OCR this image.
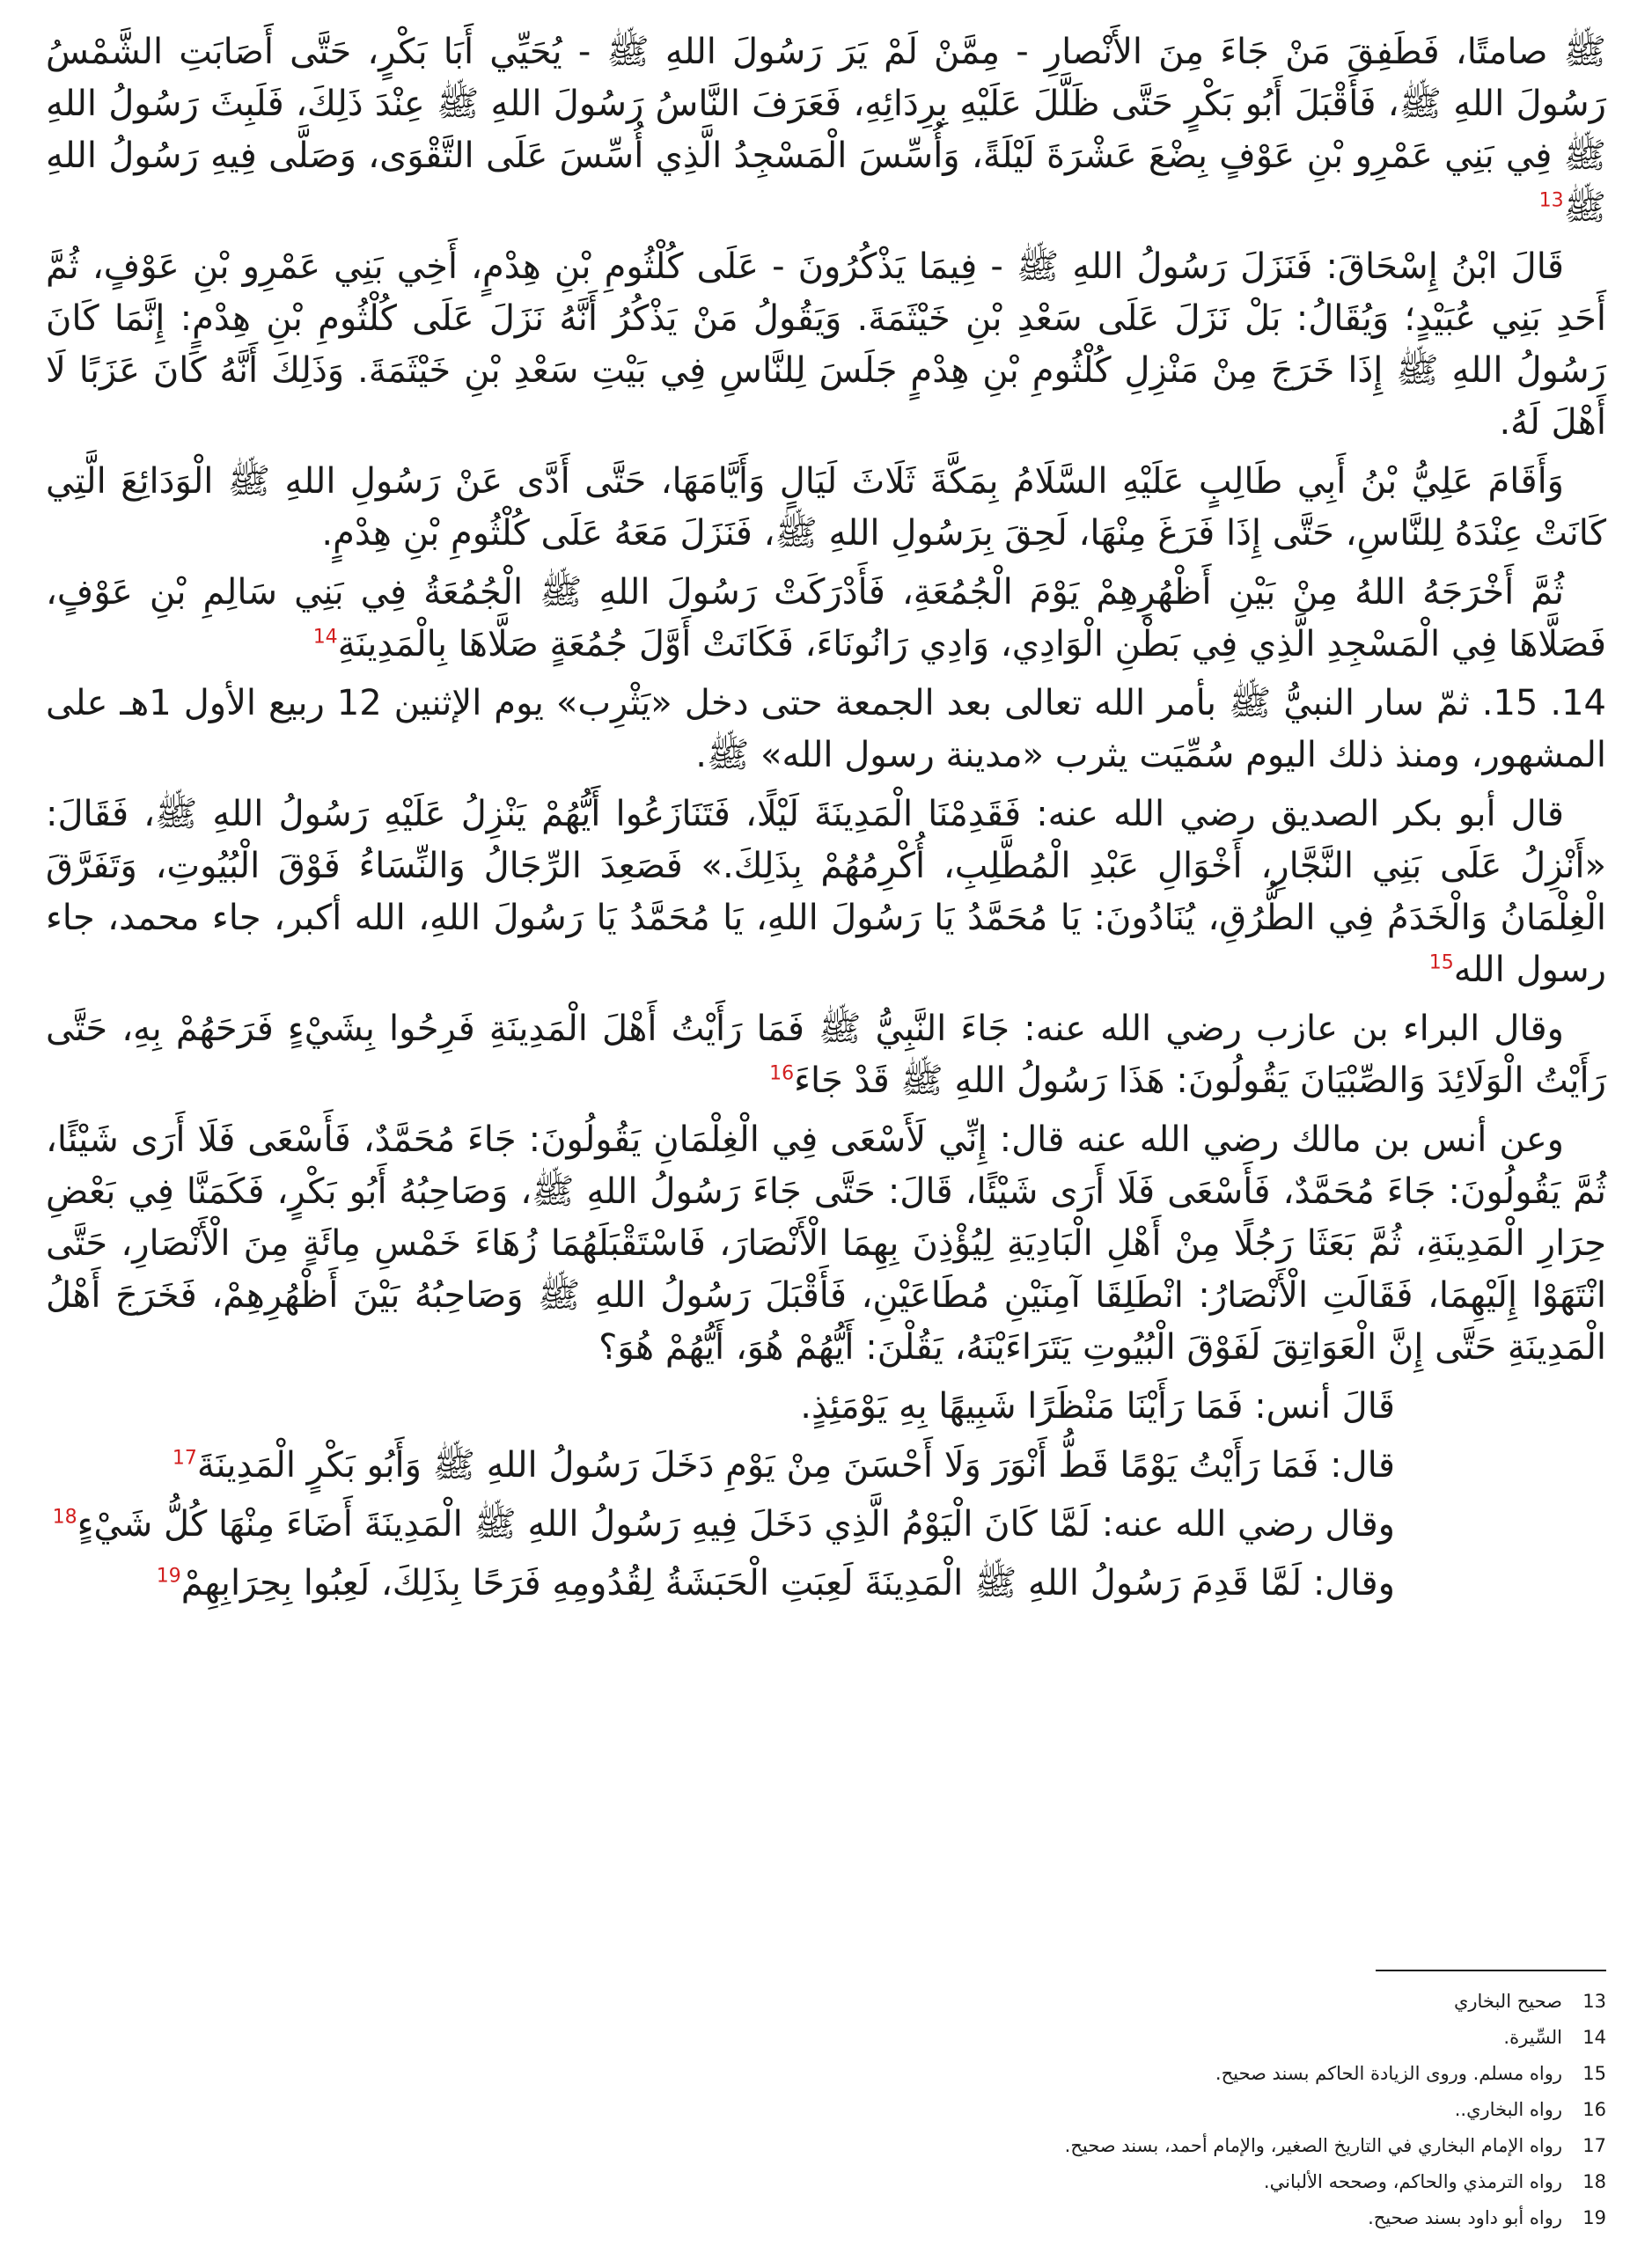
ﷺ صامتًا، فَطَفِقَ مَنْ جَاءَ مِنَ الأَنْصارِ - مِمَّنْ لَمْ يَرَ رَسُولَ اللهِ ﷺ - يُحَيِّي أَبَا بَكْرٍ، حَتَّى أَصَابَتِ الشَّمْسُ رَسُولَ اللهِ ﷺ، فَأَقْبَلَ أَبُو بَكْرٍ حَتَّى ظَلَّلَ عَلَيْهِ بِرِدَائِهِ، فَعَرَفَ النَّاسُ رَسُولَ اللهِ ﷺ عِنْدَ ذَلِكَ، فَلَبِثَ رَسُولُ اللهِ ﷺ فِي بَنِي عَمْرِو بْنِ عَوْفٍ بِضْعَ عَشْرَةَ لَيْلَةً، وَأُسِّسَ الْمَسْجِدُ الَّذِي أُسِّسَ عَلَى التَّقْوَى، وَصَلَّى فِيهِ رَسُولُ اللهِ ﷺ$^{13}$

قَالَ ابْنُ إِسْحَاقَ: فَنَزَلَ رَسُولُ اللهِ ﷺ - فِيمَا يَذْكُرُونَ - عَلَى كُلْثُومِ بْنِ هِدْمٍ، أَخِي بَنِي عَمْرِو بْنِ عَوْفٍ، ثُمَّ أَحَدِ بَنِي عُبَيْدٍ؛ وَيُقَالُ: بَلْ نَزَلَ عَلَى سَعْدِ بْنِ خَيْثَمَةَ. وَيَقُولُ مَنْ يَذْكُرُ أَنَّهُ نَزَلَ عَلَى كُلْثُومِ بْنِ هِدْمٍ: إِنَّمَا كَانَ رَسُولُ اللهِ ﷺ إِذَا خَرَجَ مِنْ مَنْزِلِ كُلْثُومِ بْنِ هِدْمٍ جَلَسَ لِلنَّاسِ فِي بَيْتِ سَعْدِ بْنِ خَيْثَمَةَ. وَذَلِكَ أَنَّهُ كَانَ عَزَبًا لَا أَهْلَ لَهُ.

وَأَقَامَ عَلِيُّ بْنُ أَبِي طَالِبٍ عَلَيْهِ السَّلَامُ بِمَكَّةَ ثَلَاثَ لَيَالٍ وَأَيَّامَهَا، حَتَّى أَدَّى عَنْ رَسُولِ اللهِ ﷺ الْوَدَائِعَ الَّتِي كَانَتْ عِنْدَهُ لِلنَّاسِ، حَتَّى إِذَا فَرَغَ مِنْهَا، لَحِقَ بِرَسُولِ اللهِ ﷺ، فَنَزَلَ مَعَهُ عَلَى كُلْثُومِ بْنِ هِدْمٍ.

ثُمَّ أَخْرَجَهُ اللهُ مِنْ بَيْنِ أَظْهُرِهِمْ يَوْمَ الْجُمُعَةِ، فَأَدْرَكَتْ رَسُولَ اللهِ ﷺ الْجُمُعَةُ فِي بَنِي سَالِمِ بْنِ عَوْفٍ، فَصَلَّاهَا فِي الْمَسْجِدِ الَّذِي فِي بَطْنِ الْوَادِي، وَادِي رَانُونَاءَ، فَكَانَتْ أَوَّلَ جُمُعَةٍ صَلَّاهَا بِالْمَدِينَةِ$^{14}$

14. 15. ثمّ سار النبيُّ ﷺ بأمر الله تعالى بعد الجمعة حتى دخل «يَثْرِب» يوم الإثنين 12 ربيع الأول 1هـ على المشهور، ومنذ ذلك اليوم سُمِّيَت يثرب «مدينة رسول الله» ﷺ.

قال أبو بكر الصديق رضي الله عنه: فَقَدِمْنَا الْمَدِينَةَ لَيْلًا، فَتَنَازَعُوا أَيُّهُمْ يَنْزِلُ عَلَيْهِ رَسُولُ اللهِ ﷺ، فَقَالَ: «أَنْزِلُ عَلَى بَنِي النَّجَّارِ، أَخْوَالِ عَبْدِ الْمُطَّلِبِ، أُكْرِمُهُمْ بِذَلِكَ.» فَصَعِدَ الرِّجَالُ وَالنِّسَاءُ فَوْقَ الْبُيُوتِ، وَتَفَرَّقَ الْغِلْمَانُ وَالْخَدَمُ فِي الطُّرُقِ، يُنَادُونَ: يَا مُحَمَّدُ يَا رَسُولَ اللهِ، يَا مُحَمَّدُ يَا رَسُولَ اللهِ، الله أكبر، جاء محمد، جاء رسول الله$^{15}$

وقال البراء بن عازب رضي الله عنه: جَاءَ النَّبِيُّ ﷺ فَمَا رَأَيْتُ أَهْلَ الْمَدِينَةِ فَرِحُوا بِشَيْءٍ فَرَحَهُمْ بِهِ، حَتَّى رَأَيْتُ الْوَلَائِدَ وَالصِّبْيَانَ يَقُولُونَ: هَذَا رَسُولُ اللهِ ﷺ قَدْ جَاءَ$^{16}$

وعن أنس بن مالك رضي الله عنه قال: إِنِّي لَأَسْعَى فِي الْغِلْمَانِ يَقُولُونَ: جَاءَ مُحَمَّدٌ، فَأَسْعَى فَلَا أَرَى شَيْئًا، ثُمَّ يَقُولُونَ: جَاءَ مُحَمَّدٌ، فَأَسْعَى فَلَا أَرَى شَيْئًا، قَالَ: حَتَّى جَاءَ رَسُولُ اللهِ ﷺ، وَصَاحِبُهُ أَبُو بَكْرٍ، فَكَمَنَّا فِي بَعْضِ حِرَارِ الْمَدِينَةِ، ثُمَّ بَعَثَا رَجُلًا مِنْ أَهْلِ الْبَادِيَةِ لِيُؤْذِنَ بِهِمَا الْأَنْصَارَ، فَاسْتَقْبَلَهُمَا زُهَاءَ خَمْسِ مِائَةٍ مِنَ الْأَنْصَارِ، حَتَّى انْتَهَوْا إِلَيْهِمَا، فَقَالَتِ الْأَنْصَارُ: انْطَلِقَا آمِنَيْنِ مُطَاعَيْنِ، فَأَقْبَلَ رَسُولُ اللهِ ﷺ وَصَاحِبُهُ بَيْنَ أَظْهُرِهِمْ، فَخَرَجَ أَهْلُ الْمَدِينَةِ حَتَّى إِنَّ الْعَوَاتِقَ لَفَوْقَ الْبُيُوتِ يَتَرَاءَيْنَهُ، يَقُلْنَ: أَيُّهُمْ هُوَ، أَيُّهُمْ هُوَ؟

قَالَ أنس: فَمَا رَأَيْنَا مَنْظَرًا شَبِيهًا بِهِ يَوْمَئِذٍ.

قال: فَمَا رَأَيْتُ يَوْمًا قَطُّ أَنْوَرَ وَلَا أَحْسَنَ مِنْ يَوْمِ دَخَلَ رَسُولُ اللهِ ﷺ وَأَبُو بَكْرٍ الْمَدِينَةَ$^{17}$

وقال رضي الله عنه: لَمَّا كَانَ الْيَوْمُ الَّذِي دَخَلَ فِيهِ رَسُولُ اللهِ ﷺ الْمَدِينَةَ أَضَاءَ مِنْهَا كُلُّ شَيْءٍ$^{18}$

وقال: لَمَّا قَدِمَ رَسُولُ اللهِ ﷺ الْمَدِينَةَ لَعِبَتِ الْحَبَشَةُ لِقُدُومِهِ فَرَحًا بِذَلِكَ، لَعِبُوا بِحِرَابِهِمْ$^{19}$

13
صحيح البخاري
14
السِّيرة.
15
رواه مسلم. وروى الزيادة الحاكم بسند صحيح.
16
رواه البخاري..
17
رواه الإمام البخاري في التاريخ الصغير، والإمام أحمد، بسند صحيح.
18
رواه الترمذي والحاكم، وصححه الألباني.
19
رواه أبو داود بسند صحيح.
